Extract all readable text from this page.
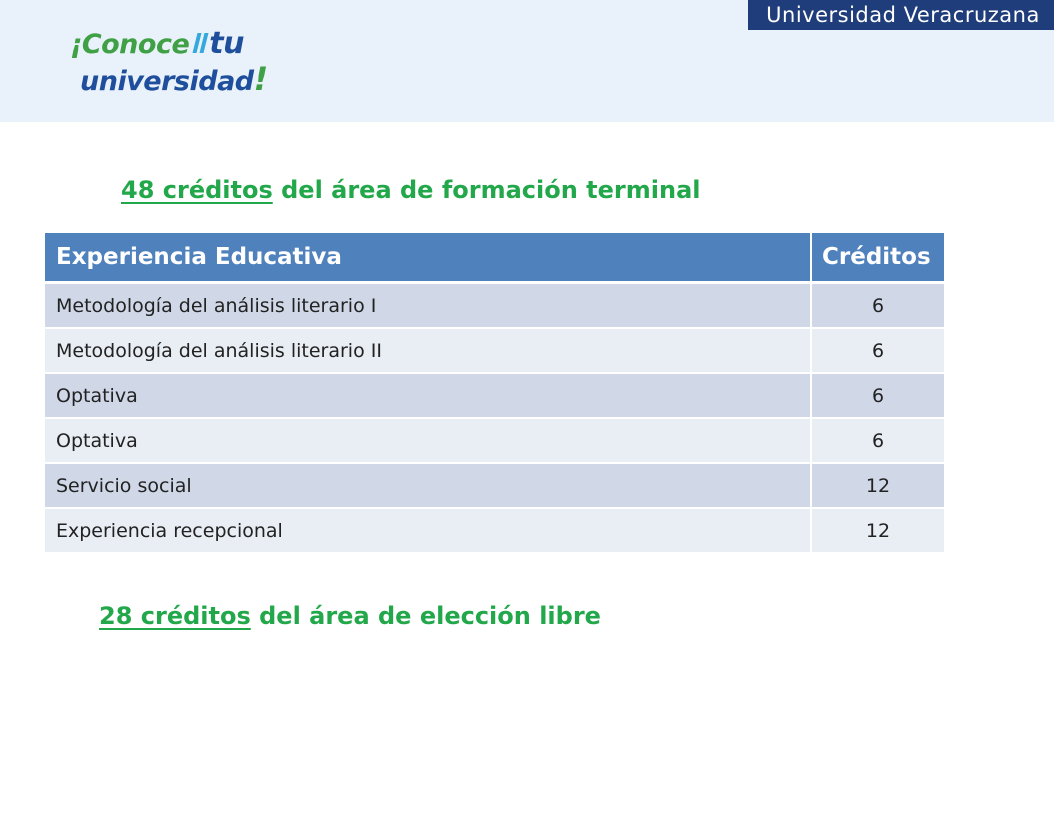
Universidad Veracruzana
¡Conoce tu
universidad!
48 créditos del área de formación terminal
Experiencia Educativa	Créditos
Metodología del análisis literario I	6
Metodología del análisis literario II	6
Optativa	6
Optativa	6
Servicio social	12
Experiencia recepcional	12
28 créditos del área de elección libre
